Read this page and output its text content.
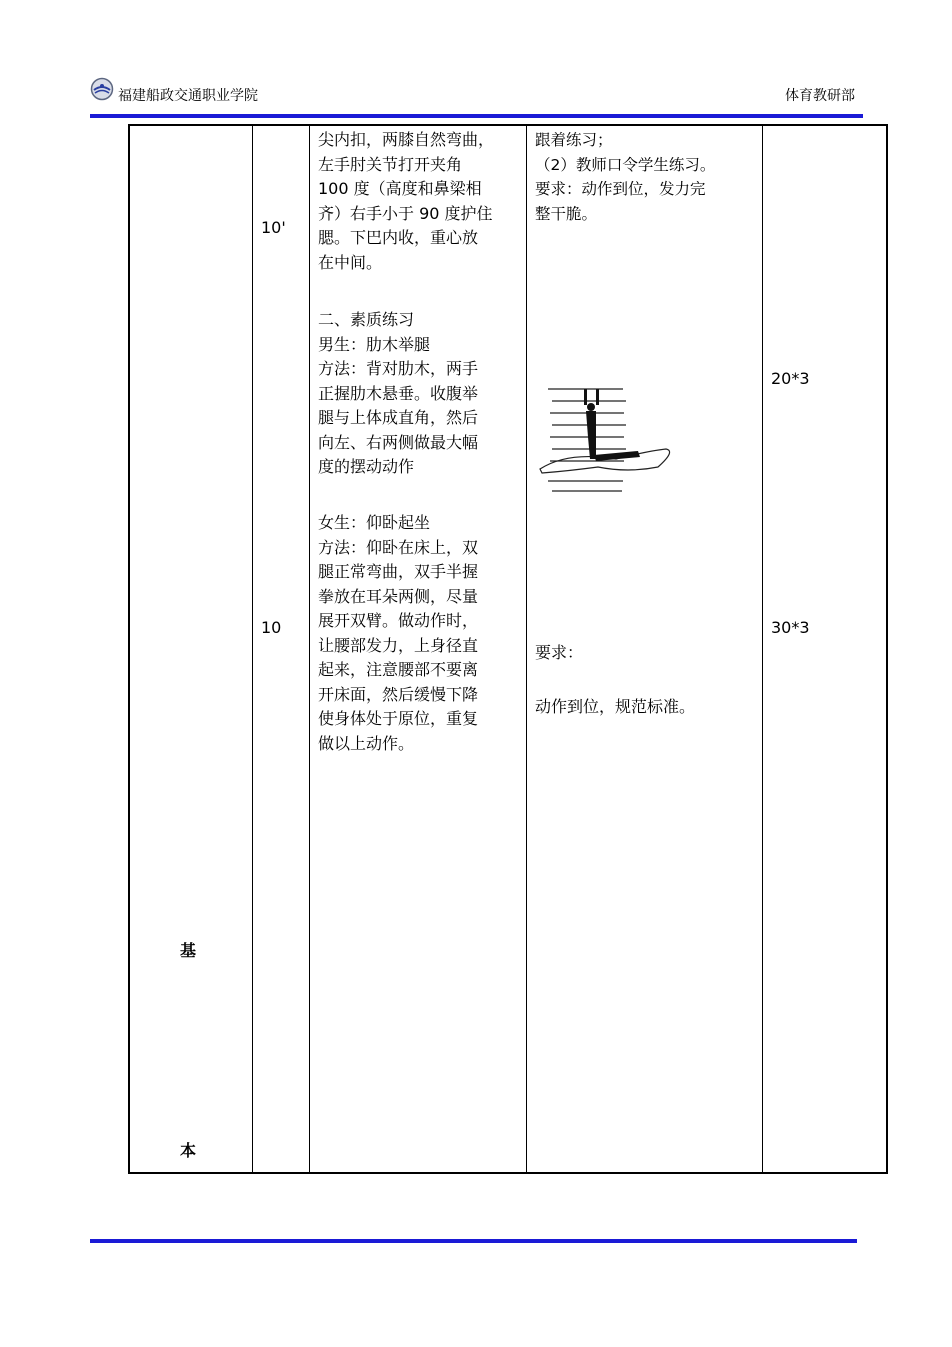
福建船政交通职业学院	体育教研部
基
本
10'
10
尖内扣，两膝自然弯曲，
左手肘关节打开夹角
100 度（高度和鼻梁相
齐）右手小于 90 度护住
腮。下巴内收，重心放
在中间。
二、素质练习
男生：肋木举腿
方法：背对肋木，两手
正握肋木悬垂。收腹举
腿与上体成直角，然后
向左、右两侧做最大幅
度的摆动动作
女生：仰卧起坐
方法：仰卧在床上，双
腿正常弯曲，双手半握
拳放在耳朵两侧，尽量
展开双臂。做动作时，
让腰部发力，上身径直
起来，注意腰部不要离
开床面，然后缓慢下降
使身体处于原位，重复
做以上动作。
跟着练习；
（2）教师口令学生练习。
要求：动作到位，发力完
整干脆。
要求：
动作到位，规范标准。
20*3
30*3
